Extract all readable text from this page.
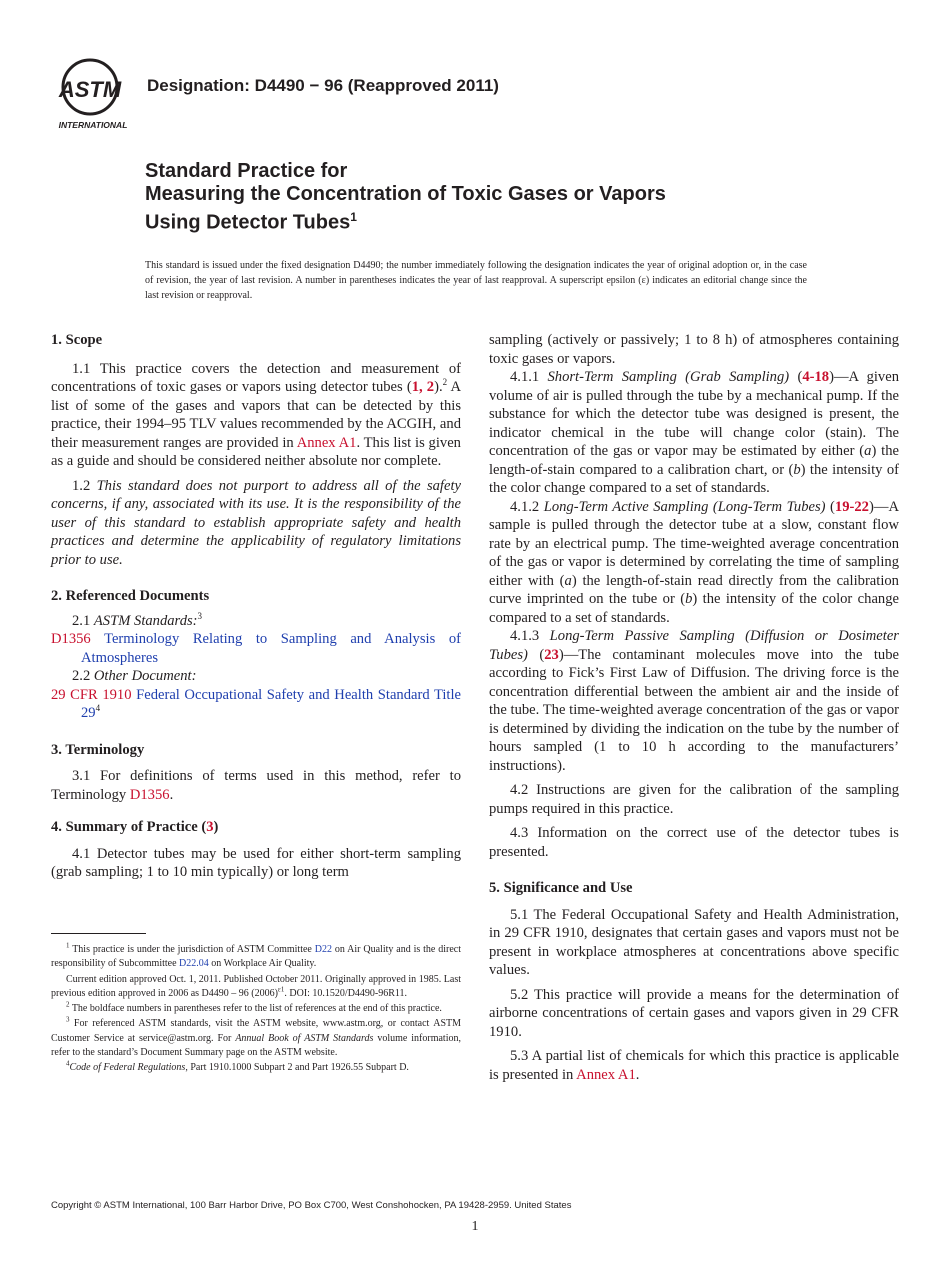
ASTM
INTERNATIONAL
Designation: D4490 − 96 (Reapproved 2011)
Standard Practice for
Measuring the Concentration of Toxic Gases or Vapors
Using Detector Tubes$^1$
This standard is issued under the fixed designation D4490; the number immediately following the designation indicates the year of original adoption or, in the case of revision, the year of last revision. A number in parentheses indicates the year of last reapproval. A superscript epsilon (ε) indicates an editorial change since the last revision or reapproval.

1. Scope

1.1 This practice covers the detection and measurement of concentrations of toxic gases or vapors using detector tubes (1, 2).$^2$ A list of some of the gases and vapors that can be detected by this practice, their 1994–95 TLV values recommended by the ACGIH, and their measurement ranges are provided in Annex A1. This list is given as a guide and should be considered neither absolute nor complete.

1.2 This standard does not purport to address all of the safety concerns, if any, associated with its use. It is the responsibility of the user of this standard to establish appropriate safety and health practices and determine the applicability of regulatory limitations prior to use.

2. Referenced Documents

2.1 ASTM Standards:$^3$

D1356 Terminology Relating to Sampling and Analysis of Atmospheres

2.2 Other Document:

29 CFR 1910 Federal Occupational Safety and Health Standard Title $29^4$

3. Terminology

3.1 For definitions of terms used in this method, refer to Terminology D1356.

4. Summary of Practice (3)

4.1 Detector tubes may be used for either short-term sampling (grab sampling; 1 to 10 min typically) or long term

$^1$ This practice is under the jurisdiction of ASTM Committee D22 on Air Quality and is the direct responsibility of Subcommittee D22.04 on Workplace Air Quality.

Current edition approved Oct. 1, 2011. Published October 2011. Originally approved in 1985. Last previous edition approved in 2006 as D4490 – 96 $(2006)^{\varepsilon 1}$. DOI: 10.1520/D4490-96R11.

$^2$ The boldface numbers in parentheses refer to the list of references at the end of this practice.

$^3$ For referenced ASTM standards, visit the ASTM website, www.astm.org, or contact ASTM Customer Service at service@astm.org. For Annual Book of ASTM Standards volume information, refer to the standard’s Document Summary page on the ASTM website.

$^4$Code of Federal Regulations, Part 1910.1000 Subpart 2 and Part 1926.55 Subpart D.

sampling (actively or passively; 1 to 8 h) of atmospheres containing toxic gases or vapors.

4.1.1 Short-Term Sampling (Grab Sampling) (4-18)—A given volume of air is pulled through the tube by a mechanical pump. If the substance for which the detector tube was designed is present, the indicator chemical in the tube will change color (stain). The concentration of the gas or vapor may be estimated by either (a) the length-of-stain compared to a calibration chart, or (b) the intensity of the color change compared to a set of standards.

4.1.2 Long-Term Active Sampling (Long-Term Tubes) (19-22)—A sample is pulled through the detector tube at a slow, constant flow rate by an electrical pump. The time-weighted average concentration of the gas or vapor is determined by correlating the time of sampling either with (a) the length-of-stain read directly from the calibration curve imprinted on the tube or (b) the intensity of the color change compared to a set of standards.

4.1.3 Long-Term Passive Sampling (Diffusion or Dosimeter Tubes) (23)—The contaminant molecules move into the tube according to Fick’s First Law of Diffusion. The driving force is the concentration differential between the ambient air and the inside of the tube. The time-weighted average concentration of the gas or vapor is determined by dividing the indication on the tube by the number of hours sampled (1 to 10 h according to the manufacturers’ instructions).

4.2 Instructions are given for the calibration of the sampling pumps required in this practice.

4.3 Information on the correct use of the detector tubes is presented.

5. Significance and Use

5.1 The Federal Occupational Safety and Health Administration, in 29 CFR 1910, designates that certain gases and vapors must not be present in workplace atmospheres at concentrations above specific values.

5.2 This practice will provide a means for the determination of airborne concentrations of certain gases and vapors given in 29 CFR 1910.

5.3 A partial list of chemicals for which this practice is applicable is presented in Annex A1.

Copyright © ASTM International, 100 Barr Harbor Drive, PO Box C700, West Conshohocken, PA 19428-2959. United States
1
